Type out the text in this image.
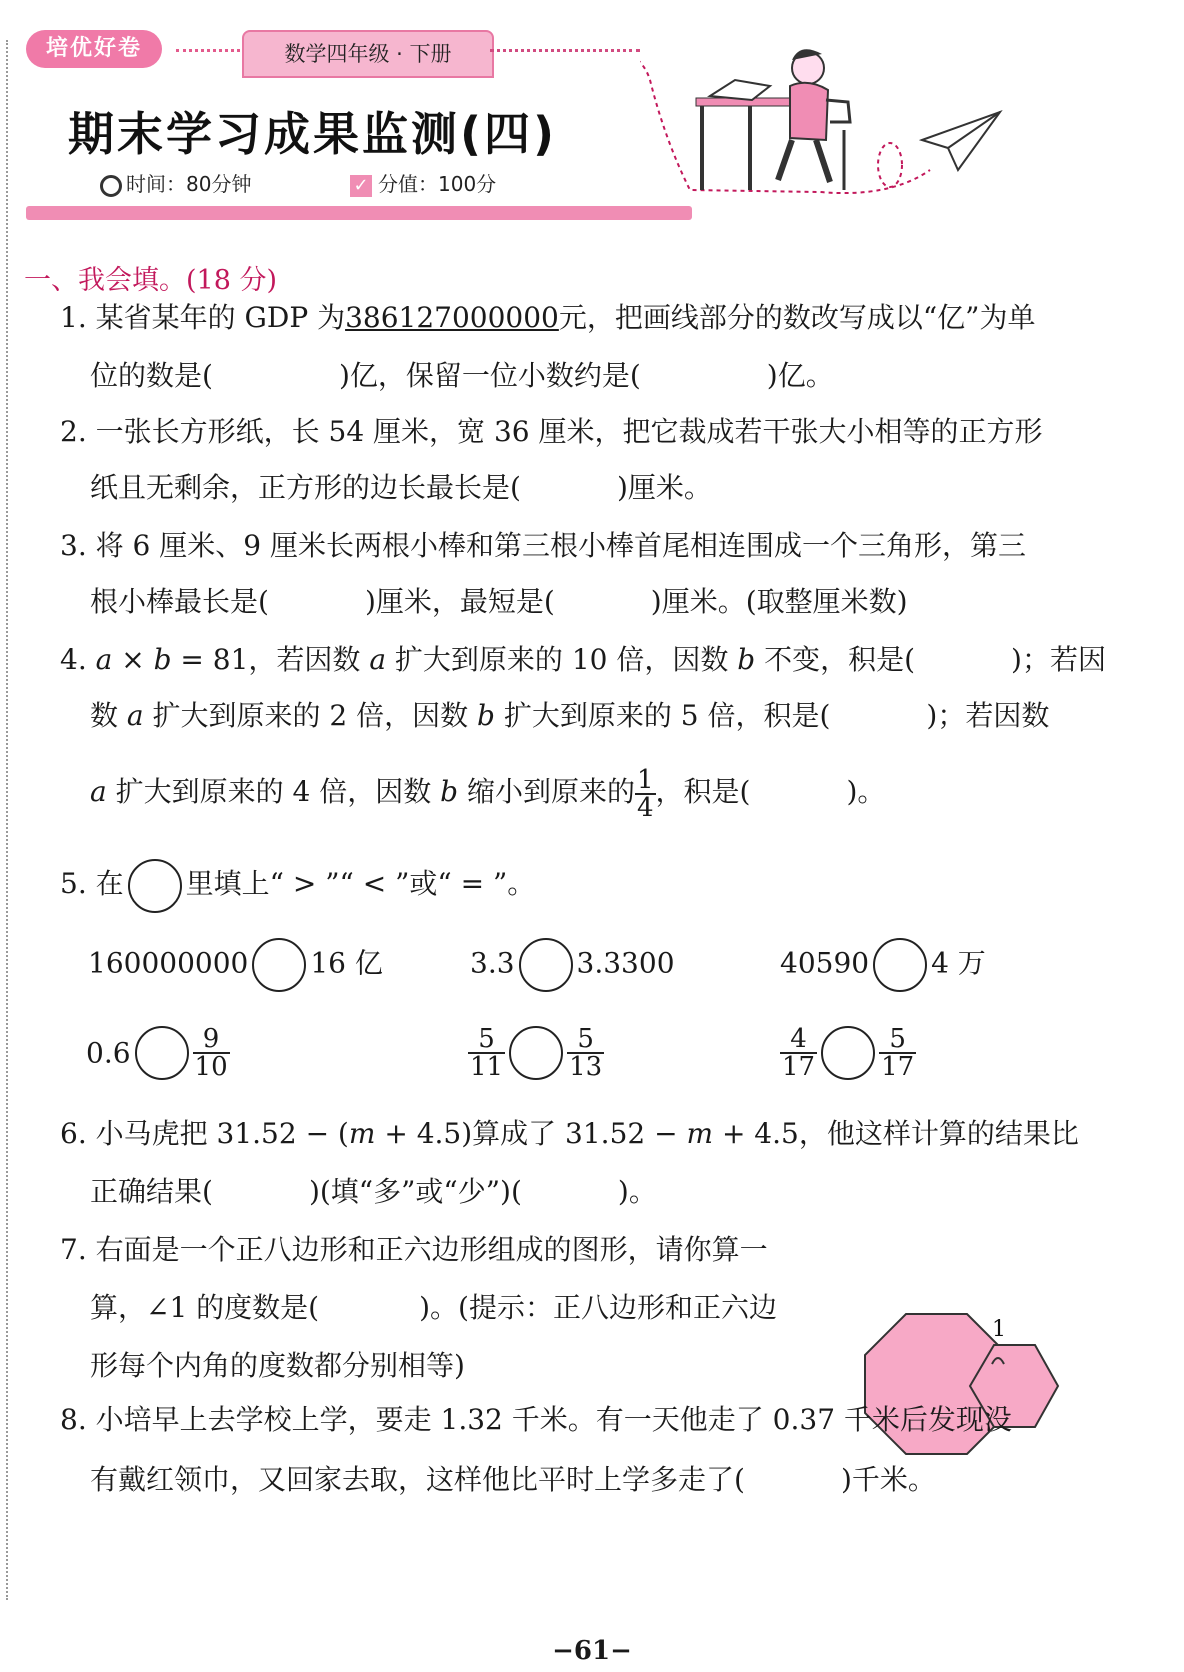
培优好卷	数学四年级 · 下册
期末学习成果监测(四)
时间：80分钟	✓ 分值：100分
一、我会填。(18 分)
1. 某省某年的 GDP 为386127000000元，把画线部分的数改写成以“亿”为单
位的数是(	)亿，保留一位小数约是(	)亿。
2. 一张长方形纸，长 54 厘米，宽 36 厘米，把它裁成若干张大小相等的正方形
纸且无剩余，正方形的边长最长是(	)厘米。
3. 将 6 厘米、9 厘米长两根小棒和第三根小棒首尾相连围成一个三角形，第三
根小棒最长是(	)厘米，最短是(	)厘米。(取整厘米数)
4. a × b = 81，若因数 a 扩大到原来的 10 倍，因数 b 不变，积是(	)；若因
数 a 扩大到原来的 2 倍，因数 b 扩大到原来的 5 倍，积是(	)；若因数
a 扩大到原来的 4 倍，因数 b 缩小到原来的 $\frac{1}{4}$ ，积是(	)。
5. 在 里填上“ > ”“ < ”或“ = ”。
160000000 16 亿	3.3 3.3300	40590 4 万
$0.6 \frac{9}{10}$	$\frac{5}{11} \frac{5}{13}$	$\frac{4}{17} \frac{5}{17}$
6. 小马虎把 31.52 − (m + 4.5)算成了 31.52 − m + 4.5，他这样计算的结果比
正确结果(	)(填“多”或“少”)(	)。
7. 右面是一个正八边形和正六边形组成的图形，请你算一
算，∠1 的度数是(	)。(提示：正八边形和正六边
形每个内角的度数都分别相等)
1
8. 小培早上去学校上学，要走 1.32 千米。有一天他走了 0.37 千米后发现没
有戴红领巾，又回家去取，这样他比平时上学多走了(	)千米。
−61−
